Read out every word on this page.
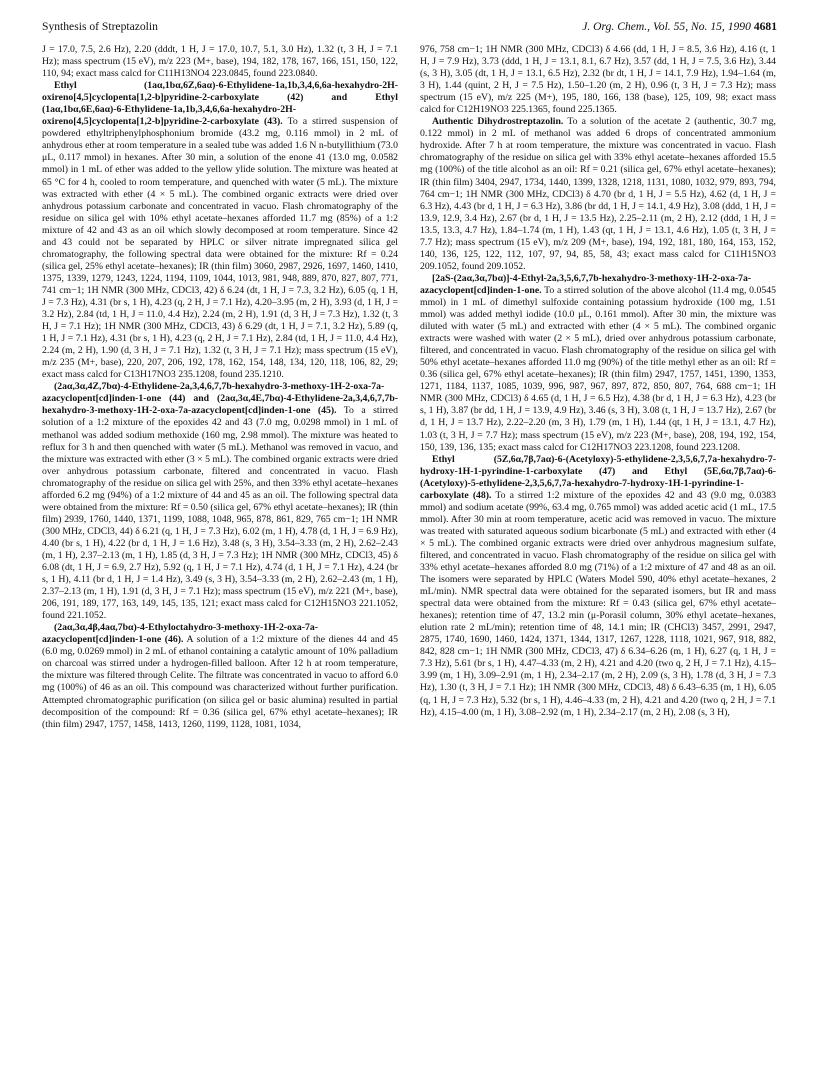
Synthesis of Streptazolin	J. Org. Chem., Vol. 55, No. 15, 1990 4681

J = 17.0, 7.5, 2.6 Hz), 2.20 (dddt, 1 H, J = 17.0, 10.7, 5.1, 3.0 Hz), 1.32 (t, 3 H, J = 7.1 Hz); mass spectrum (15 eV), m/z 223 (M+, base), 194, 182, 178, 167, 166, 151, 150, 122, 110, 94; exact mass calcd for C11H13NO4 223.0845, found 223.0840.

Ethyl (1aα,1bα,6Z,6aα)-6-Ethylidene-1a,1b,3,4,6,6a-hexahydro-2H-oxireno[4,5]cyclopenta[1,2-b]pyridine-2-carboxylate (42) and Ethyl (1aα,1bα,6E,6aα)-6-Ethylidene-1a,1b,3,4,6,6a-hexahydro-2H-oxireno[4,5]cyclopenta[1,2-b]pyridine-2-carboxylate (43). To a stirred suspension of powdered ethyltriphenylphosphonium bromide (43.2 mg, 0.116 mmol) in 2 mL of anhydrous ether at room temperature in a sealed tube was added 1.6 N n-butyllithium (73.0 μL, 0.117 mmol) in hexanes. After 30 min, a solution of the enone 41 (13.0 mg, 0.0582 mmol) in 1 mL of ether was added to the yellow ylide solution. The mixture was heated at 65 °C for 4 h, cooled to room temperature, and quenched with water (5 mL). The mixture was extracted with ether (4 × 5 mL). The combined organic extracts were dried over anhydrous potassium carbonate and concentrated in vacuo. Flash chromatography of the residue on silica gel with 10% ethyl acetate–hexanes afforded 11.7 mg (85%) of a 1:2 mixture of 42 and 43 as an oil which slowly decomposed at room temperature. Since 42 and 43 could not be separated by HPLC or silver nitrate impregnated silica gel chromatography, the following spectral data were obtained for the mixture: Rf = 0.24 (silica gel, 25% ethyl acetate–hexanes); IR (thin film) 3060, 2987, 2926, 1697, 1460, 1410, 1375, 1339, 1279, 1243, 1224, 1194, 1109, 1044, 1013, 981, 948, 889, 870, 827, 807, 771, 741 cm−1; 1H NMR (300 MHz, CDCl3, 42) δ 6.24 (dt, 1 H, J = 7.3, 3.2 Hz), 6.05 (q, 1 H, J = 7.3 Hz), 4.31 (br s, 1 H), 4.23 (q, 2 H, J = 7.1 Hz), 4.20–3.95 (m, 2 H), 3.93 (d, 1 H, J = 3.2 Hz), 2.84 (td, 1 H, J = 11.0, 4.4 Hz), 2.24 (m, 2 H), 1.91 (d, 3 H, J = 7.3 Hz), 1.32 (t, 3 H, J = 7.1 Hz); 1H NMR (300 MHz, CDCl3, 43) δ 6.29 (dt, 1 H, J = 7.1, 3.2 Hz), 5.89 (q, 1 H, J = 7.1 Hz), 4.31 (br s, 1 H), 4.23 (q, 2 H, J = 7.1 Hz), 2.84 (td, 1 H, J = 11.0, 4.4 Hz), 2.24 (m, 2 H), 1.90 (d, 3 H, J = 7.1 Hz), 1.32 (t, 3 H, J = 7.1 Hz); mass spectrum (15 eV), m/z 235 (M+, base), 220, 207, 206, 192, 178, 162, 154, 148, 134, 120, 118, 106, 82, 29; exact mass calcd for C13H17NO3 235.1208, found 235.1210.

(2aα,3α,4Z,7bα)-4-Ethylidene-2a,3,4,6,7,7b-hexahydro-3-methoxy-1H-2-oxa-7a-azacyclopent[cd]inden-1-one (44) and (2aα,3α,4E,7bα)-4-Ethylidene-2a,3,4,6,7,7b-hexahydro-3-methoxy-1H-2-oxa-7a-azacyclopent[cd]inden-1-one (45). To a stirred solution of a 1:2 mixture of the epoxides 42 and 43 (7.0 mg, 0.0298 mmol) in 1 mL of methanol was added sodium methoxide (160 mg, 2.98 mmol). The mixture was heated to reflux for 3 h and then quenched with water (5 mL). Methanol was removed in vacuo, and the mixture was extracted with ether (3 × 5 mL). The combined organic extracts were dried over anhydrous potassium carbonate, filtered and concentrated in vacuo. Flash chromatography of the residue on silica gel with 25%, and then 33% ethyl acetate–hexanes afforded 6.2 mg (94%) of a 1:2 mixture of 44 and 45 as an oil. The following spectral data were obtained from the mixture: Rf = 0.50 (silica gel, 67% ethyl acetate–hexanes); IR (thin film) 2939, 1760, 1440, 1371, 1199, 1088, 1048, 965, 878, 861, 829, 765 cm−1; 1H NMR (300 MHz, CDCl3, 44) δ 6.21 (q, 1 H, J = 7.3 Hz), 6.02 (m, 1 H), 4.78 (d, 1 H, J = 6.9 Hz), 4.40 (br s, 1 H), 4.22 (br d, 1 H, J = 1.6 Hz), 3.48 (s, 3 H), 3.54–3.33 (m, 2 H), 2.62–2.43 (m, 1 H), 2.37–2.13 (m, 1 H), 1.85 (d, 3 H, J = 7.3 Hz); 1H NMR (300 MHz, CDCl3, 45) δ 6.08 (dt, 1 H, J = 6.9, 2.7 Hz), 5.92 (q, 1 H, J = 7.1 Hz), 4.74 (d, 1 H, J = 7.1 Hz), 4.24 (br s, 1 H), 4.11 (br d, 1 H, J = 1.4 Hz), 3.49 (s, 3 H), 3.54–3.33 (m, 2 H), 2.62–2.43 (m, 1 H), 2.37–2.13 (m, 1 H), 1.91 (d, 3 H, J = 7.1 Hz); mass spectrum (15 eV), m/z 221 (M+, base), 206, 191, 189, 177, 163, 149, 145, 135, 121; exact mass calcd for C12H15NO3 221.1052, found 221.1052.

(2aα,3α,4β,4aα,7bα)-4-Ethyloctahydro-3-methoxy-1H-2-oxa-7a-azacyclopent[cd]inden-1-one (46). A solution of a 1:2 mixture of the dienes 44 and 45 (6.0 mg, 0.0269 mmol) in 2 mL of ethanol containing a catalytic amount of 10% palladium on charcoal was stirred under a hydrogen-filled balloon. After 12 h at room temperature, the mixture was filtered through Celite. The filtrate was concentrated in vacuo to afford 6.0 mg (100%) of 46 as an oil. This compound was characterized without further purification. Attempted chromatographic purification (on silica gel or basic alumina) resulted in partial decomposition of the compound: Rf = 0.36 (silica gel, 67% ethyl acetate–hexanes); IR (thin film) 2947, 1757, 1458, 1413, 1260, 1199, 1128, 1081, 1034,

976, 758 cm−1; 1H NMR (300 MHz, CDCl3) δ 4.66 (dd, 1 H, J = 8.5, 3.6 Hz), 4.16 (t, 1 H, J = 7.9 Hz), 3.73 (ddd, 1 H, J = 13.1, 8.1, 6.7 Hz), 3.57 (dd, 1 H, J = 7.5, 3.6 Hz), 3.44 (s, 3 H), 3.05 (dt, 1 H, J = 13.1, 6.5 Hz), 2.32 (br dt, 1 H, J = 14.1, 7.9 Hz), 1.94–1.64 (m, 3 H), 1.44 (quint, 2 H, J = 7.5 Hz), 1.50–1.20 (m, 2 H), 0.96 (t, 3 H, J = 7.3 Hz); mass spectrum (15 eV), m/z 225 (M+), 195, 180, 166, 138 (base), 125, 109, 98; exact mass calcd for C12H19NO3 225.1365, found 225.1365.

Authentic Dihydrostreptazolin. To a solution of the acetate 2 (authentic, 30.7 mg, 0.122 mmol) in 2 mL of methanol was added 6 drops of concentrated ammonium hydroxide. After 7 h at room temperature, the mixture was concentrated in vacuo. Flash chromatography of the residue on silica gel with 33% ethyl acetate–hexanes afforded 15.5 mg (100%) of the title alcohol as an oil: Rf = 0.21 (silica gel, 67% ethyl acetate–hexanes); IR (thin film) 3404, 2947, 1734, 1440, 1399, 1328, 1218, 1131, 1080, 1032, 979, 893, 794, 764 cm−1; 1H NMR (300 MHz, CDCl3) δ 4.70 (br d, 1 H, J = 5.5 Hz), 4.62 (d, 1 H, J = 6.3 Hz), 4.43 (br d, 1 H, J = 6.3 Hz), 3.86 (br dd, 1 H, J = 14.1, 4.9 Hz), 3.08 (ddd, 1 H, J = 13.9, 12.9, 3.4 Hz), 2.67 (br d, 1 H, J = 13.5 Hz), 2.25–2.11 (m, 2 H), 2.12 (ddd, 1 H, J = 13.5, 13.3, 4.7 Hz), 1.84–1.74 (m, 1 H), 1.43 (qt, 1 H, J = 13.1, 4.6 Hz), 1.05 (t, 3 H, J = 7.7 Hz); mass spectrum (15 eV), m/z 209 (M+, base), 194, 192, 181, 180, 164, 153, 152, 140, 136, 125, 122, 112, 107, 97, 94, 85, 58, 43; exact mass calcd for C11H15NO3 209.1052, found 209.1052.

[2aS-(2aα,3α,7bα)]-4-Ethyl-2a,3,5,6,7,7b-hexahydro-3-methoxy-1H-2-oxa-7a-azacyclopent[cd]inden-1-one. To a stirred solution of the above alcohol (11.4 mg, 0.0545 mmol) in 1 mL of dimethyl sulfoxide containing potassium hydroxide (100 mg, 1.51 mmol) was added methyl iodide (10.0 μL, 0.161 mmol). After 30 min, the mixture was diluted with water (5 mL) and extracted with ether (4 × 5 mL). The combined organic extracts were washed with water (2 × 5 mL), dried over anhydrous potassium carbonate, filtered, and concentrated in vacuo. Flash chromatography of the residue on silica gel with 50% ethyl acetate–hexanes afforded 11.0 mg (90%) of the title methyl ether as an oil: Rf = 0.36 (silica gel, 67% ethyl acetate–hexanes); IR (thin film) 2947, 1757, 1451, 1390, 1353, 1271, 1184, 1137, 1085, 1039, 996, 987, 967, 897, 872, 850, 807, 764, 688 cm−1; 1H NMR (300 MHz, CDCl3) δ 4.65 (d, 1 H, J = 6.5 Hz), 4.38 (br d, 1 H, J = 6.3 Hz), 4.23 (br s, 1 H), 3.87 (br dd, 1 H, J = 13.9, 4.9 Hz), 3.46 (s, 3 H), 3.08 (t, 1 H, J = 13.7 Hz), 2.67 (br d, 1 H, J = 13.7 Hz), 2.22–2.20 (m, 3 H), 1.79 (m, 1 H), 1.44 (qt, 1 H, J = 13.1, 4.7 Hz), 1.03 (t, 3 H, J = 7.7 Hz); mass spectrum (15 eV), m/z 223 (M+, base), 208, 194, 192, 154, 150, 139, 136, 135; exact mass calcd for C12H17NO3 223.1208, found 223.1208.

Ethyl (5Z,6α,7β,7aα)-6-(Acetyloxy)-5-ethylidene-2,3,5,6,7,7a-hexahydro-7-hydroxy-1H-1-pyrindine-1-carboxylate (47) and Ethyl (5E,6α,7β,7aα)-6-(Acetyloxy)-5-ethylidene-2,3,5,6,7,7a-hexahydro-7-hydroxy-1H-1-pyrindine-1-carboxylate (48). To a stirred 1:2 mixture of the epoxides 42 and 43 (9.0 mg, 0.0383 mmol) and sodium acetate (99%, 63.4 mg, 0.765 mmol) was added acetic acid (1 mL, 17.5 mmol). After 30 min at room temperature, acetic acid was removed in vacuo. The mixture was treated with saturated aqueous sodium bicarbonate (5 mL) and extracted with ether (4 × 5 mL). The combined organic extracts were dried over anhydrous magnesium sulfate, filtered, and concentrated in vacuo. Flash chromatography of the residue on silica gel with 33% ethyl acetate–hexanes afforded 8.0 mg (71%) of a 1:2 mixture of 47 and 48 as an oil. The isomers were separated by HPLC (Waters Model 590, 40% ethyl acetate–hexanes, 2 mL/min). NMR spectral data were obtained for the separated isomers, but IR and mass spectral data were obtained from the mixture: Rf = 0.43 (silica gel, 67% ethyl acetate–hexanes); retention time of 47, 13.2 min (μ-Porasil column, 30% ethyl acetate–hexanes, elution rate 2 mL/min); retention time of 48, 14.1 min; IR (CHCl3) 3457, 2991, 2947, 2875, 1740, 1690, 1460, 1424, 1371, 1344, 1317, 1267, 1228, 1118, 1021, 967, 918, 882, 842, 828 cm−1; 1H NMR (300 MHz, CDCl3, 47) δ 6.34–6.26 (m, 1 H), 6.27 (q, 1 H, J = 7.3 Hz), 5.61 (br s, 1 H), 4.47–4.33 (m, 2 H), 4.21 and 4.20 (two q, 2 H, J = 7.1 Hz), 4.15–3.99 (m, 1 H), 3.09–2.91 (m, 1 H), 2.34–2.17 (m, 2 H), 2.09 (s, 3 H), 1.78 (d, 3 H, J = 7.3 Hz), 1.30 (t, 3 H, J = 7.1 Hz); 1H NMR (300 MHz, CDCl3, 48) δ 6.43–6.35 (m, 1 H), 6.05 (q, 1 H, J = 7.3 Hz), 5.32 (br s, 1 H), 4.46–4.33 (m, 2 H), 4.21 and 4.20 (two q, 2 H, J = 7.1 Hz), 4.15–4.00 (m, 1 H), 3.08–2.92 (m, 1 H), 2.34–2.17 (m, 2 H), 2.08 (s, 3 H),
